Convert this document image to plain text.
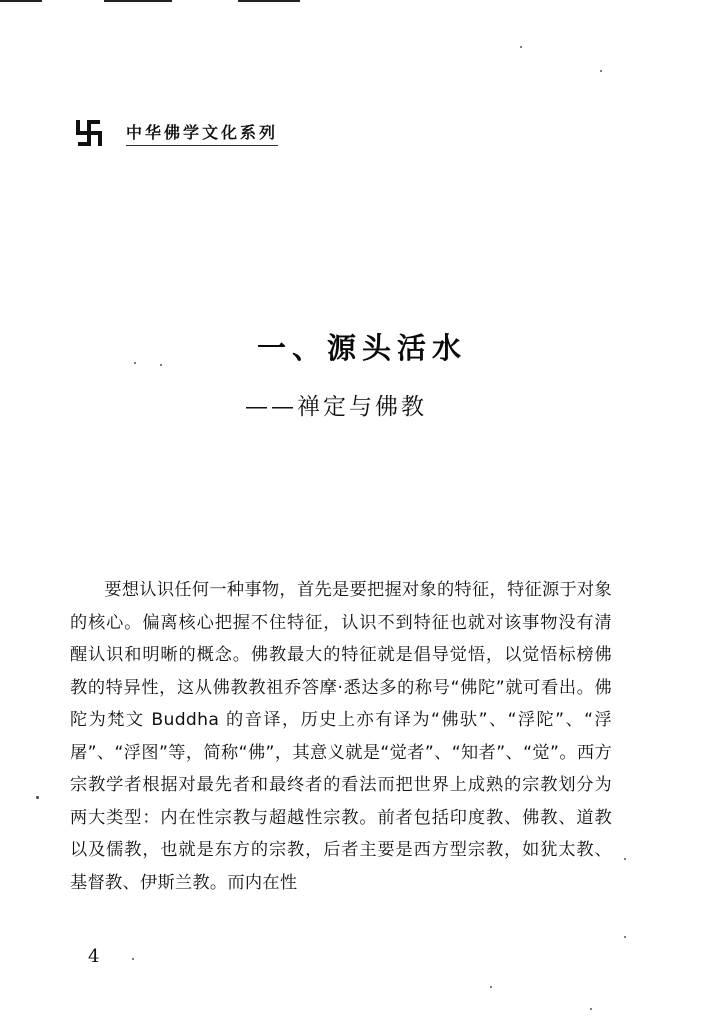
中华佛学文化系列
一、源头活水
——禅定与佛教

要想认识任何一种事物，首先是要把握对象的特征，特征源于对象的核心。偏离核心把握不住特征，认识不到特征也就对该事物没有清醒认识和明晰的概念。佛教最大的特征就是倡导觉悟，以觉悟标榜佛教的特异性，这从佛教教祖乔答摩·悉达多的称号“佛陀”就可看出。佛陀为梵文 Buddha 的音译，历史上亦有译为“佛驮”、“浮陀”、“浮屠”、“浮图”等，简称“佛”，其意义就是“觉者”、“知者”、“觉”。西方宗教学者根据对最先者和最终者的看法而把世界上成熟的宗教划分为两大类型：内在性宗教与超越性宗教。前者包括印度教、佛教、道教以及儒教，也就是东方的宗教，后者主要是西方型宗教，如犹太教、基督教、伊斯兰教。而内在性

4
